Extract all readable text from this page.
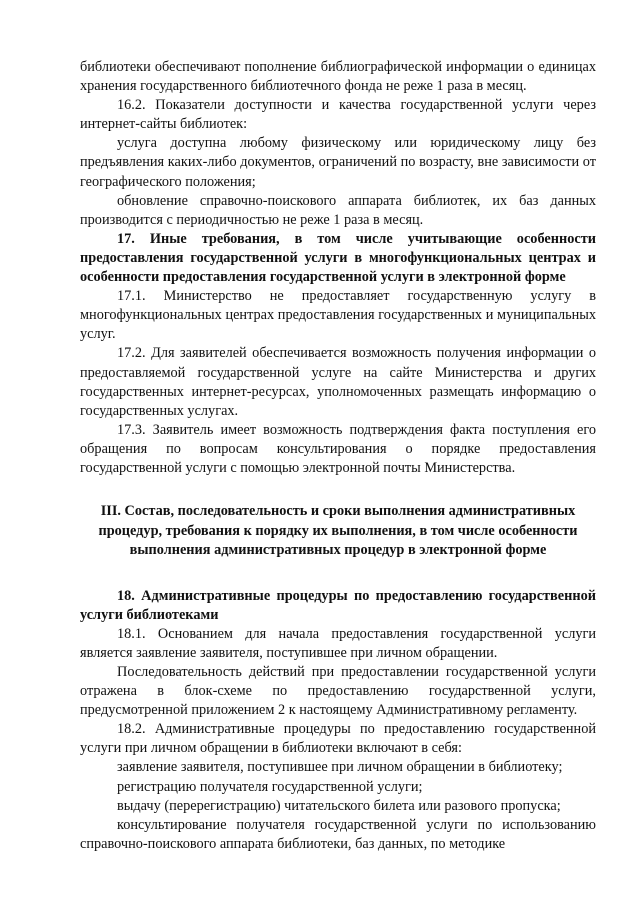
библиотеки обеспечивают пополнение библиографической информации о единицах хранения государственного библиотечного фонда не реже 1 раза в месяц.

16.2. Показатели доступности и качества государственной услуги через интернет-сайты библиотек:

услуга доступна любому физическому или юридическому лицу без предъявления каких-либо документов, ограничений по возрасту, вне зависимости от географического положения;

обновление справочно-поискового аппарата библиотек, их баз данных производится с периодичностью не реже 1 раза в месяц.

17. Иные требования, в том числе учитывающие особенности предоставления государственной услуги в многофункциональных центрах и особенности предоставления государственной услуги в электронной форме

17.1. Министерство не предоставляет государственную услугу в многофункциональных центрах предоставления государственных и муниципальных услуг.

17.2. Для заявителей обеспечивается возможность получения информации о предоставляемой государственной услуге на сайте Министерства и других государственных интернет-ресурсах, уполномоченных размещать информацию о государственных услугах.

17.3. Заявитель имеет возможность подтверждения факта поступления его обращения по вопросам консультирования о порядке предоставления государственной услуги с помощью электронной почты Министерства.

III. Состав, последовательность и сроки выполнения административных процедур, требования к порядку их выполнения, в том числе особенности выполнения административных процедур в электронной форме

18. Административные процедуры по предоставлению государственной услуги библиотеками

18.1. Основанием для начала предоставления государственной услуги является заявление заявителя, поступившее при личном обращении.

Последовательность действий при предоставлении государственной услуги отражена в блок-схеме по предоставлению государственной услуги, предусмотренной приложением 2 к настоящему Административному регламенту.

18.2. Административные процедуры по предоставлению государственной услуги при личном обращении в библиотеки включают в себя:

заявление заявителя, поступившее при личном обращении в библиотеку;

регистрацию получателя государственной услуги;

выдачу (перерегистрацию) читательского билета или разового пропуска;

консультирование получателя государственной услуги по использованию справочно-поискового аппарата библиотеки, баз данных, по методике
